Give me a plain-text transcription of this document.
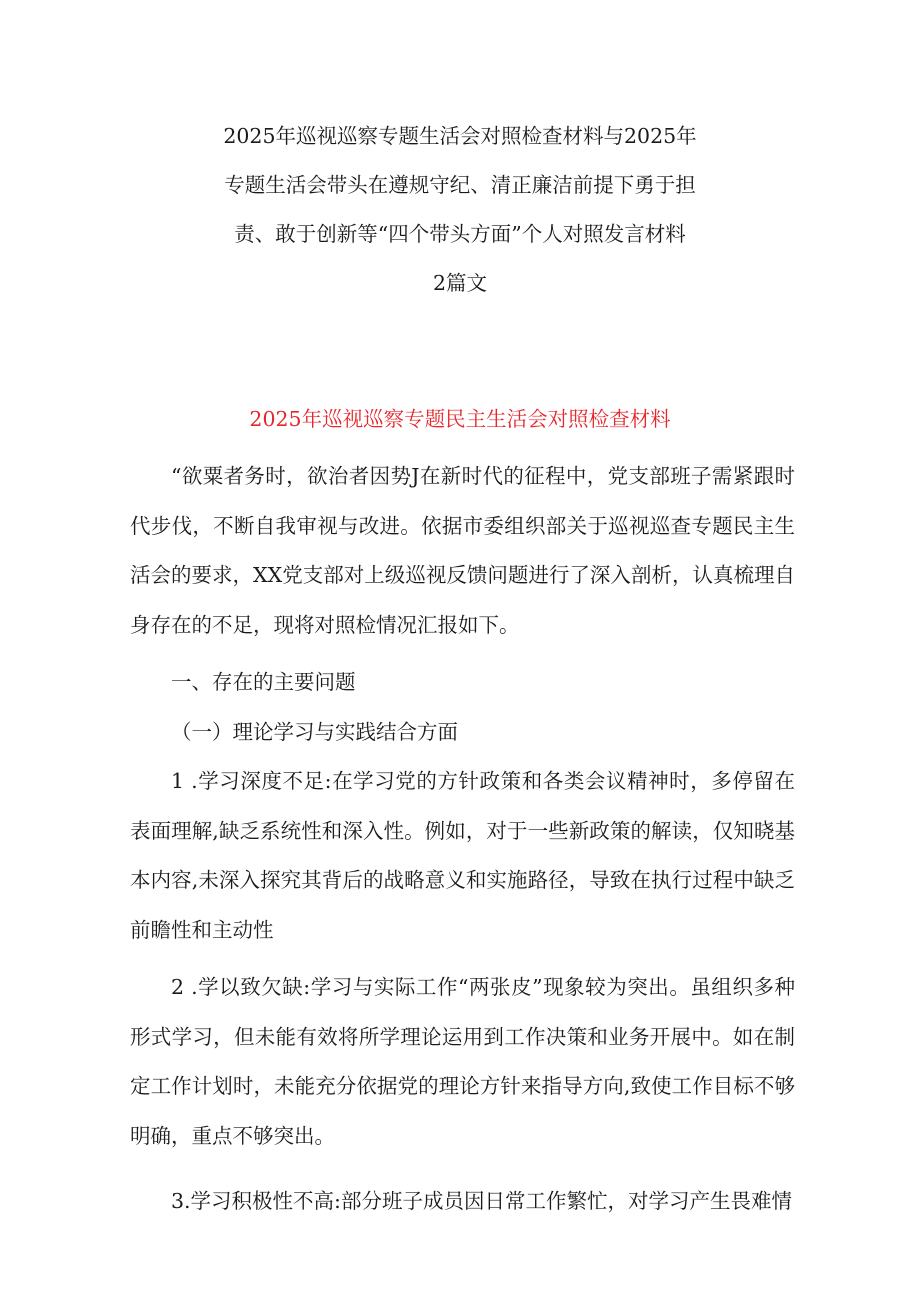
2025年巡视巡察专题生活会对照检查材料与2025年
专题生活会带头在遵规守纪、清正廉洁前提下勇于担
责、敢于创新等“四个带头方面”个人对照发言材料
2篇文
2025年巡视巡察专题民主生活会对照检查材料

“欲粟者务时，欲治者因势J在新时代的征程中，党支部班子需紧跟时代步伐，不断自我审视与改进。依据市委组织部关于巡视巡查专题民主生活会的要求，XX党支部对上级巡视反馈问题进行了深入剖析，认真梳理自身存在的不足，现将对照检情况汇报如下。

一、存在的主要问题

（一）理论学习与实践结合方面

1 .学习深度不足:在学习党的方针政策和各类会议精神时，多停留在表面理解,缺乏系统性和深入性。例如，对于一些新政策的解读，仅知晓基本内容,未深入探究其背后的战略意义和实施路径，导致在执行过程中缺乏前瞻性和主动性

2 .学以致欠缺:学习与实际工作“两张皮”现象较为突出。虽组织多种形式学习，但未能有效将所学理论运用到工作决策和业务开展中。如在制定工作计划时，未能充分依据党的理论方针来指导方向,致使工作目标不够明确，重点不够突出。

3.学习积极性不高:部分班子成员因日常工作繁忙，对学习产生畏难情
